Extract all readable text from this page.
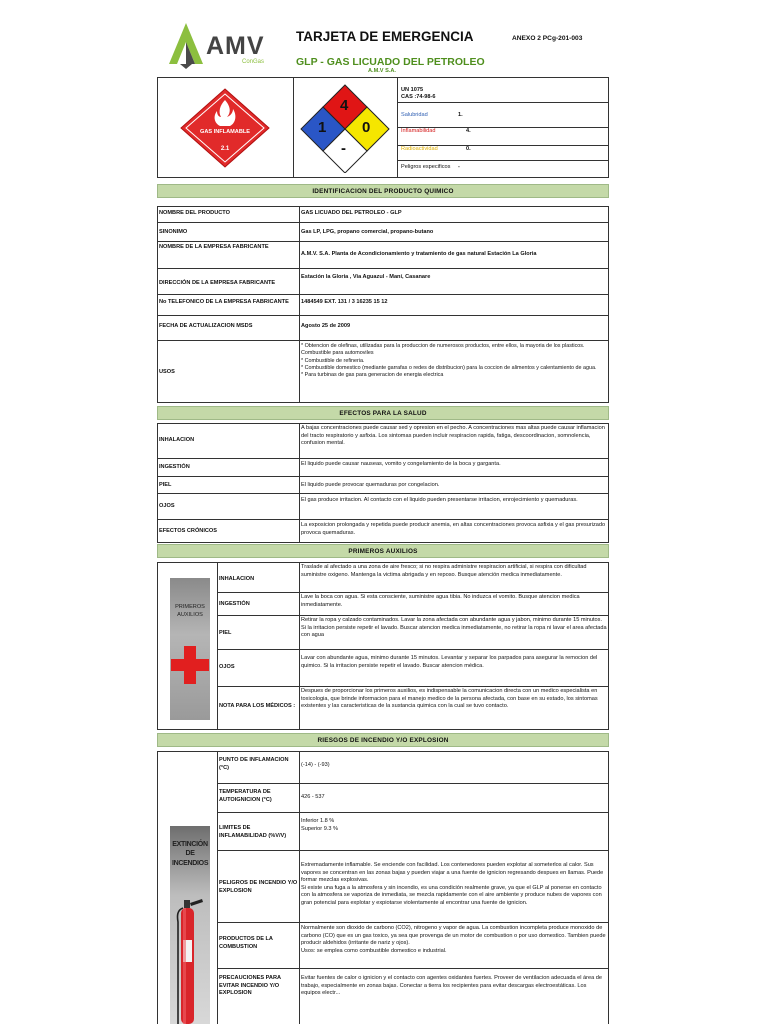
AMV
ConGas
TARJETA DE EMERGENCIA	ANEXO 2 PCg-201-003
GLP - GAS LICUADO DEL PETROLEO
A.M.V S.A.
GAS INFLAMABLE
2.1
4
1 0
-
UN 1075
CAS :74-98-6
Salubridad	1.
Inflamabilidad	4.
Radioactividad	0.
Peligros especificos -
IDENTIFICACION DEL PRODUCTO QUIMICO
NOMBRE DEL PRODUCTO	GAS LICUADO DEL PETROLEO - GLP
SINONIMO	Gas LP, LPG, propano comercial, propano-butano
NOMBRE DE LA EMPRESA FABRICANTE
A.M.V. S.A. Planta de Acondicionamiento y tratamiento de gas natural Estación La Gloria
DIRECCIÓN DE LA EMPRESA FABRICANTE
Estación la Gloria , Via Aguazul - Maní, Casanare
No TELEFONICO DE LA EMPRESA FABRICANTE 1484549 EXT. 131 / 3 16235 15 12
FECHA DE ACTUALIZACION MSDS	Agosto 25 de 2009
USOS
* Obtencion de olefinas, utilizadas para la produccion de numerosos productos, entre ellos, la mayoria de los plasticos.
Combustible para automoviles
* Combustible de refineria.
* Combustible domestico (mediante garrafas o redes de distribucion) para la coccion de alimentos y calentamiento de agua.
* Para turbinas de gas para generacion de energia electrica
EFECTOS PARA LA SALUD
INHALACION
A bajas concentraciones puede causar sed y opresion en el pecho. A concentraciones mas altas puede causar inflamacion del tracto respiratorio y asfixia. Los sintomas pueden incluir respiracion rapida, fatiga, descoordinacion, somnolencia, confusion mental.
INGESTIÓN	El liquido puede causar nauseas, vomito y congelamiento de la boca y garganta.
PIEL	El liquido puede provocar quemaduras por congelacion.
OJOS
El gas produce irritacion. Al contacto con el liquido pueden presentarse irritacion, enrojecimiento y quemaduras.
EFECTOS CRÓNICOS
La exposicion prolongada y repetida puede producir anemia, en altas concentraciones provoca asfixia y el gas presurizado provoca quemaduras.
PRIMEROS AUXILIOS
PRIMEROS AUXILIOS
INHALACION
Traslade al afectado a una zona de aire fresco; si no respira administre respiracion artificial, si respira con dificultad suministre oxigeno. Mantenga la victima abrigada y en reposo. Busque atención medica inmediatamente.
INGESTIÓN
Lave la boca con agua. Si esta consciente, suministre agua tibia. No induzca el vomito. Busque atencion medica inmediatamente.
PIEL
Retirar la ropa y calzado contaminados. Lavar la zona afectada con abundante agua y jabon, minimo durante 15 minutos. Si la irritacion persiste repetir el lavado. Buscar atencion medica inmediatamente, no retirar la ropa ni lavar el area afectada con agua
OJOS
Lavar con abundante agua, minimo durante 15 minutos. Levantar y separar los parpados para asegurar la remocion del quimico. Si la irritacion persiste repetir el lavado. Buscar atencion médica.
NOTA PARA LOS MÉDICOS :
Despues de proporcionar los primeros auxilios, es indispensable la comunicacion directa con un medico especialista en toxicologia, que brinde informacion para el manejo medico de la persona afectada, con base en su estado, los sintomas existentes y las caracteristicas de la sustancia quimica con la cual se tuvo contacto.
RIESGOS DE INCENDIO Y/O EXPLOSION
EXTINCIÓN DE INCENDIOS
PUNTO DE INFLAMACION (°C)	(-14) - (-93)
TEMPERATURA DE AUTOIGNICION (°C)	426 - 537
LIMITES DE INFLAMABILIDAD (%V/V)
Inferior 1.8 %
Superior 9.3 %
PELIGROS DE INCENDIO Y/O EXPLOSION
Extremadamente inflamable. Se enciende con facilidad. Los contenedores pueden explotar al someterlos al calor. Sus vapores se concentran en las zonas bajas y pueden viajar a una fuente de ignicion regresando despues en llamas. Puede formar mezclas explosivas.
Si existe una fuga a la atmosfera y sin incendio, es una condición realmente grave, ya que el GLP al ponerse en contacto con la atmosfera se vaporiza de inmediata, se mezcla rapidamente con el aire ambiente y produce nubes de vapores con gran potencial para explotar y expiotarse violentamente al encontrar una fuente de ignicion.
PRODUCTOS DE LA COMBUSTION
Normalmente son dioxido de carbono (CO2), nitrogeno y vapor de agua. La combustion incompleta produce monoxido de carbono (CO) que es un gas toxico, ya sea que provenga de un motor de combustion o por uso domestico. Tambien puede producir aldehidos (irritante de nariz y ojos).
Usos: se emplea como combustible domestico e industrial.
PRECAUCIONES PARA EVITAR INCENDIO Y/O EXPLOSION
Evitar fuentes de calor o ignicion y el contacto con agentes oxidantes fuertes. Proveer de ventilacion adecuada el área de trabajo, especialmente en zonas bajas. Conectar a tierra los recipientes para evitar descargas electroestáticas. Los equipos electr...
